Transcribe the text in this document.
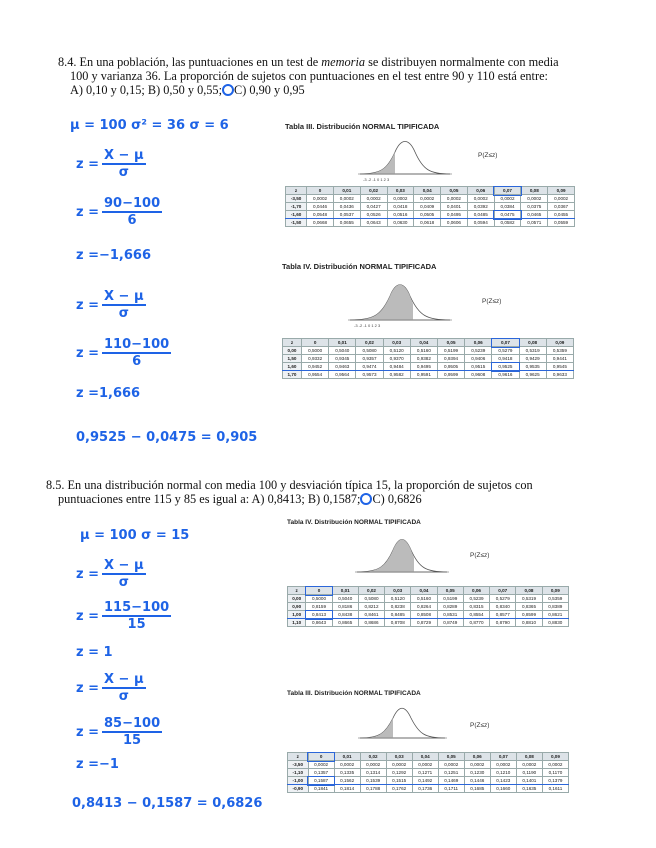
8.4. En una población, las puntuaciones en un test de memoria se distribuyen normalmente con media
100 y varianza 36. La proporción de sujetos con puntuaciones en el test entre 90 y 110 está entre:
A) 0,10 y 0,15; B) 0,50 y 0,55; C) 0,90 y 0,95
μ = 100 σ² = 36 σ = 6
$z = \frac{X - \mu}{\sigma}$
$z = \frac{90-100}{6}$
z =−1,666
$z = \frac{X - \mu}{\sigma}$
$z = \frac{110-100}{6}$
z =1,666
0,9525 − 0,0475 = 0,905
Tabla III. Distribución NORMAL TIPIFICADA
-3 -2 -1 0 1 2 3
P(Z≤z)
z	0	0,01	0,02	0,03	0,04	0,05	0,06	0,07	0,08	0,09
-3,50	0,0002	0,0002	0,0002	0,0002	0,0002	0,0002	0,0002	0,0002	0,0002	0,0002
-1,70	0,0446	0,0436	0,0427	0,0418	0,0409	0,0401	0,0392	0,0384	0,0375	0,0367
-1,60	0,0548	0,0537	0,0526	0,0516	0,0505	0,0495	0,0485	0,0475	0,0465	0,0455
-1,50	0,0668	0,0655	0,0643	0,0630	0,0618	0,0606	0,0594	0,0582	0,0571	0,0559
Tabla IV. Distribución NORMAL TIPIFICADA
-3 -2 -1 0 1 2 3
P(Z≤z)
z	0	0,01	0,02	0,03	0,04	0,05	0,06	0,07	0,08	0,09
0,00	0,5000	0,5040	0,5080	0,5120	0,5160	0,5199	0,5239	0,5279	0,5319	0,5359
1,50	0,9332	0,9345	0,9357	0,9370	0,9382	0,9394	0,9406	0,9418	0,9429	0,9441
1,60	0,9452	0,9463	0,9474	0,9484	0,9495	0,9505	0,9515	0,9525	0,9535	0,9545
1,70	0,9554	0,9564	0,9573	0,9582	0,9591	0,9599	0,9608	0,9616	0,9625	0,9633
8.5. En una distribución normal con media 100 y desviación típica 15, la proporción de sujetos con
puntuaciones entre 115 y 85 es igual a: A) 0,8413; B) 0,1587; C) 0,6826
μ = 100 σ = 15
$z = \frac{X - \mu}{\sigma}$
$z = \frac{115-100}{15}$
z = 1
$z = \frac{X - \mu}{\sigma}$
$z = \frac{85-100}{15}$
z =−1
0,8413 − 0,1587 = 0,6826
Tabla IV. Distribución NORMAL TIPIFICADA
P(Z≤z)
z	0	0,01	0,02	0,03	0,04	0,05	0,06	0,07	0,08	0,09
0,00	0,5000	0,5040	0,5080	0,5120	0,5160	0,5199	0,5239	0,5279	0,5319	0,5359
0,90	0,8159	0,8186	0,8212	0,8238	0,8264	0,8289	0,8315	0,8340	0,8365	0,8389
1,00	0,8413	0,8438	0,8461	0,8485	0,8508	0,8531	0,8554	0,8577	0,8599	0,8621
1,10	0,8643	0,8665	0,8686	0,8708	0,8729	0,8749	0,8770	0,8790	0,8810	0,8830
Tabla III. Distribución NORMAL TIPIFICADA
P(Z≤z)
z	0	0,01	0,02	0,03	0,04	0,05	0,06	0,07	0,08	0,09
-3,50	0,0002	0,0002	0,0002	0,0002	0,0002	0,0002	0,0002	0,0002	0,0002	0,0002
-1,10	0,1357	0,1335	0,1314	0,1292	0,1271	0,1251	0,1230	0,1210	0,1190	0,1170
-1,00	0,1587	0,1562	0,1539	0,1515	0,1492	0,1469	0,1446	0,1423	0,1401	0,1379
-0,90	0,1841	0,1814	0,1788	0,1762	0,1736	0,1711	0,1685	0,1660	0,1635	0,1611
